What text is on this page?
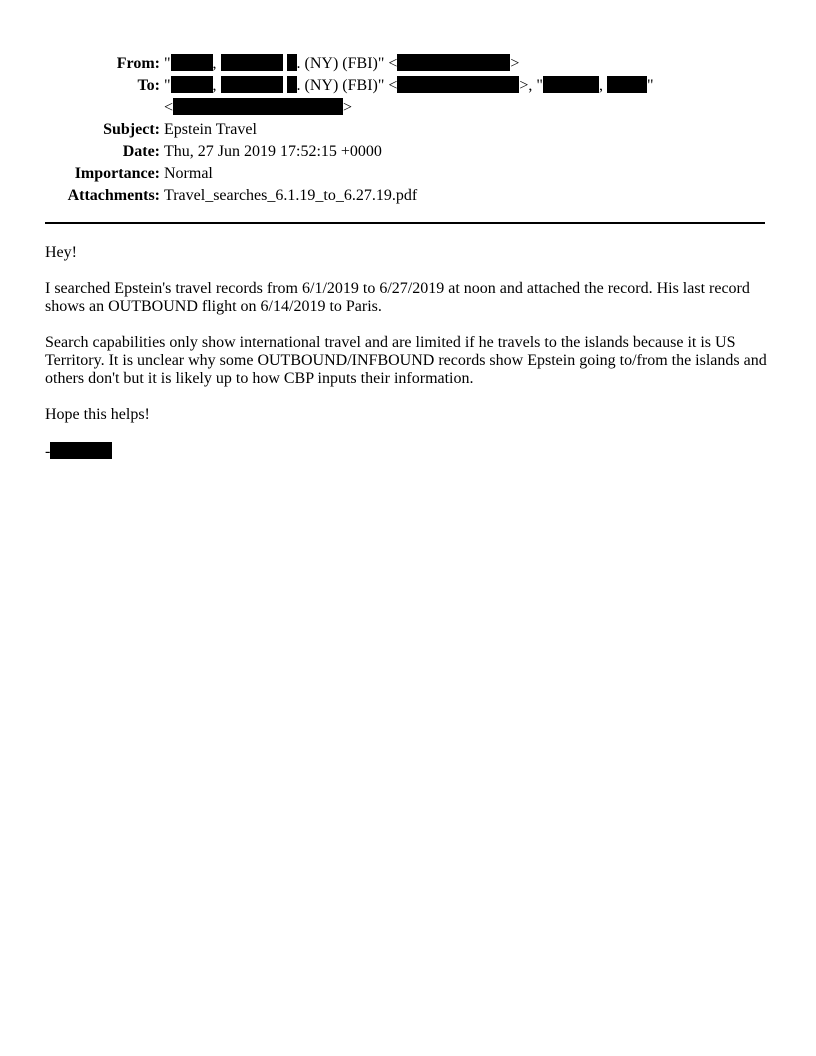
From: "	,	. (NY) (FBI)" <	>
To: "	,	. (NY) (FBI)" <	>, "	,	"
<	>
Subject: Epstein Travel
Date: Thu, 27 Jun 2019 17:52:15 +0000
Importance: Normal
Attachments: Travel_searches_6.1.19_to_6.27.19.pdf

Hey!

I searched Epstein's travel records from 6/1/2019 to 6/27/2019 at noon and attached the record. His last record shows an OUTBOUND flight on 6/14/2019 to Paris.

Search capabilities only show international travel and are limited if he travels to the islands because it is US Territory. It is unclear why some OUTBOUND/INFBOUND records show Epstein going to/from the islands and others don't but it is likely up to how CBP inputs their information.

Hope this helps!

-
